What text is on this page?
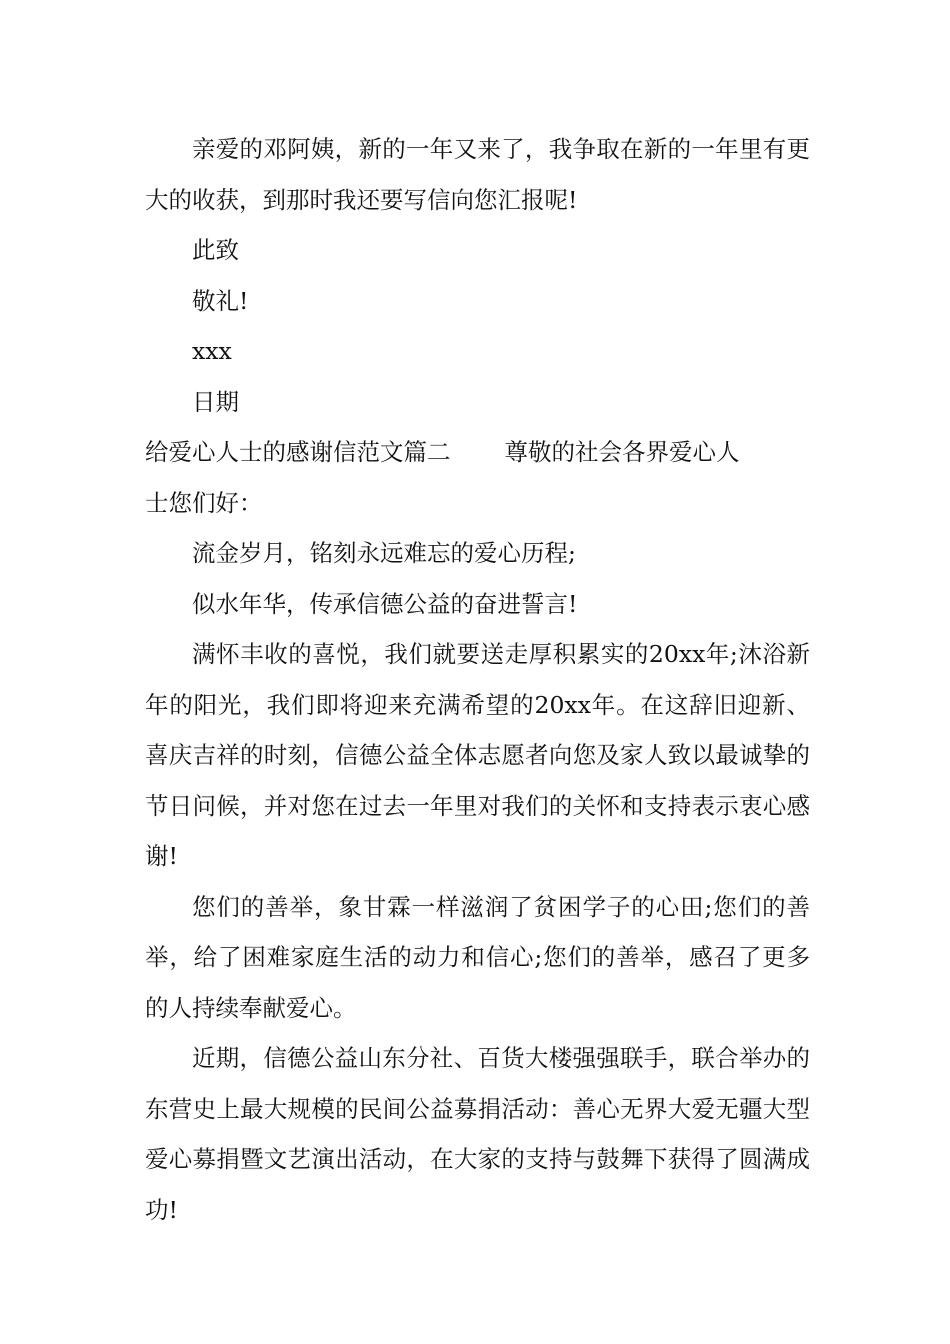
亲爱的邓阿姨，新的一年又来了，我争取在新的一年里有更大的收获，到那时我还要写信向您汇报呢!

此致

敬礼!

xxx

日期

给爱心人士的感谢信范文篇二 尊敬的社会各界爱心人
士您们好：

流金岁月，铭刻永远难忘的爱心历程;

似水年华，传承信德公益的奋进誓言!

满怀丰收的喜悦，我们就要送走厚积累实的20xx年;沐浴新年的阳光，我们即将迎来充满希望的20xx年。在这辞旧迎新、喜庆吉祥的时刻，信德公益全体志愿者向您及家人致以最诚挚的节日问候，并对您在过去一年里对我们的关怀和支持表示衷心感谢!

您们的善举，象甘霖一样滋润了贫困学子的心田;您们的善举，给了困难家庭生活的动力和信心;您们的善举，感召了更多的人持续奉献爱心。

近期，信德公益山东分社、百货大楼强强联手，联合举办的东营史上最大规模的民间公益募捐活动：善心无界大爱无疆大型爱心募捐暨文艺演出活动，在大家的支持与鼓舞下获得了圆满成功!
